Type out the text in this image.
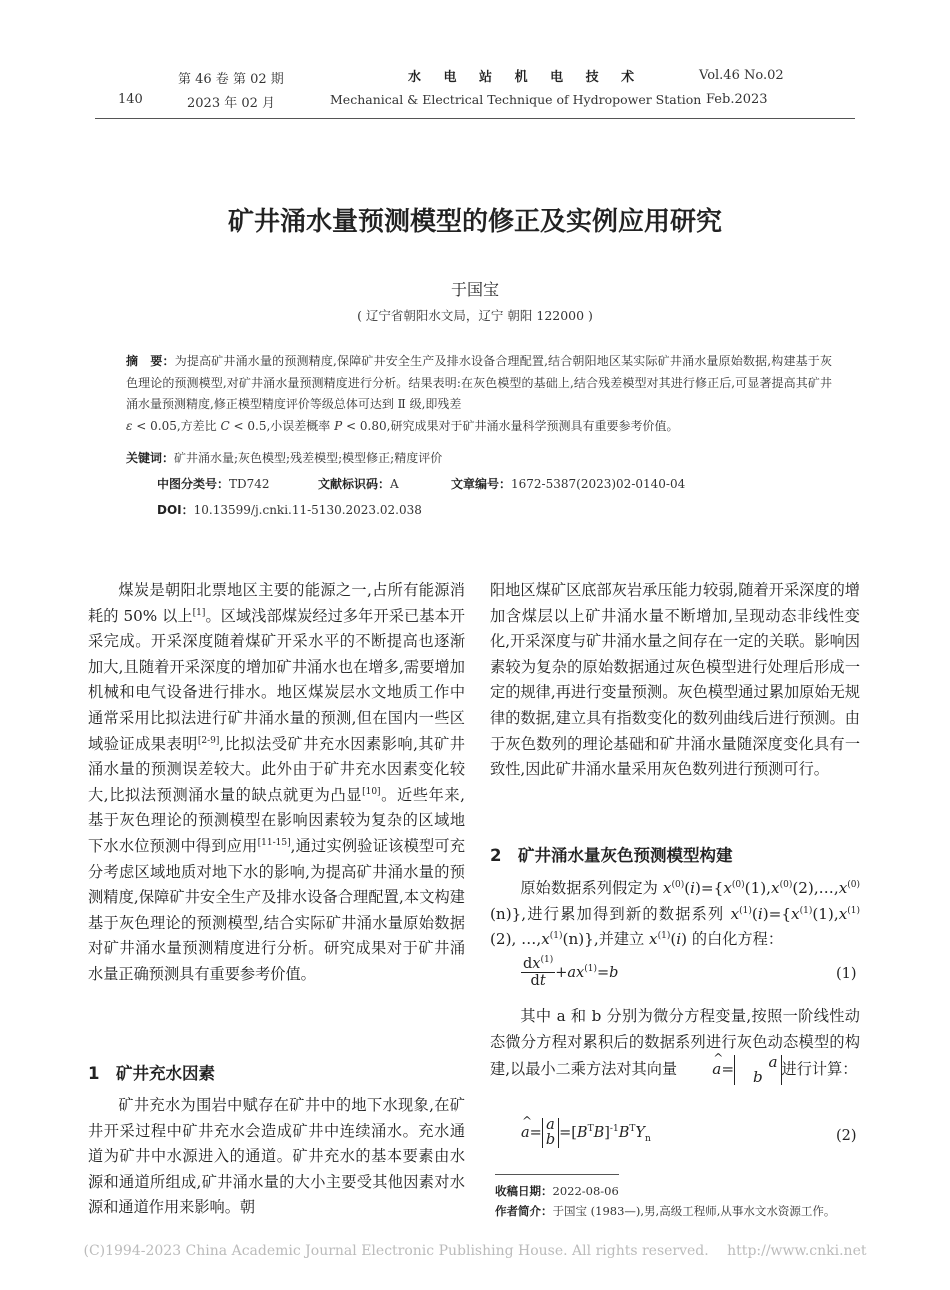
140
第 46 卷 第 02 期
2023 年 02 月
水 电 站 机 电 技 术
Mechanical & Electrical Technique of Hydropower Station
Vol.46 No.02
Feb.2023
矿井涌水量预测模型的修正及实例应用研究
于国宝
( 辽宁省朝阳水文局，辽宁 朝阳 122000 )
摘　要：为提高矿井涌水量的预测精度,保障矿井安全生产及排水设备合理配置,结合朝阳地区某实际矿井涌水量原始数据,构建基于灰色理论的预测模型,对矿井涌水量预测精度进行分析。结果表明:在灰色模型的基础上,结合残差模型对其进行修正后,可显著提高其矿井涌水量预测精度,修正模型精度评价等级总体可达到 Ⅱ 级,即残差
ε < 0.05,方差比 C < 0.5,小误差概率 P < 0.80,研究成果对于矿井涌水量科学预测具有重要参考价值。
关键词：矿井涌水量;灰色模型;残差模型;模型修正;精度评价
中图分类号：TD742	文献标识码：A	文章编号：1672-5387(2023)02-0140-04
DOI：10.13599/j.cnki.11-5130.2023.02.038

煤炭是朝阳北票地区主要的能源之一,占所有能源消耗的 50% 以上[1]。区域浅部煤炭经过多年开采已基本开采完成。开采深度随着煤矿开采水平的不断提高也逐渐加大,且随着开采深度的增加矿井涌水也在增多,需要增加机械和电气设备进行排水。地区煤炭层水文地质工作中通常采用比拟法进行矿井涌水量的预测,但在国内一些区域验证成果表明[2-9],比拟法受矿井充水因素影响,其矿井涌水量的预测误差较大。此外由于矿井充水因素变化较大,比拟法预测涌水量的缺点就更为凸显[10]。近些年来,基于灰色理论的预测模型在影响因素较为复杂的区域地下水水位预测中得到应用[11-15],通过实例验证该模型可充分考虑区域地质对地下水的影响,为提高矿井涌水量的预测精度,保障矿井安全生产及排水设备合理配置,本文构建基于灰色理论的预测模型,结合实际矿井涌水量原始数据对矿井涌水量预测精度进行分析。研究成果对于矿井涌水量正确预测具有重要参考价值。

1　矿井充水因素

矿井充水为围岩中赋存在矿井中的地下水现象,在矿井开采过程中矿井充水会造成矿井中连续涌水。充水通道为矿井中水源进入的通道。矿井充水的基本要素由水源和通道所组成,矿井涌水量的大小主要受其他因素对水源和通道作用来影响。朝

阳地区煤矿区底部灰岩承压能力较弱,随着开采深度的增加含煤层以上矿井涌水量不断增加,呈现动态非线性变化,开采深度与矿井涌水量之间存在一定的关联。影响因素较为复杂的原始数据通过灰色模型进行处理后形成一定的规律,再进行变量预测。灰色模型通过累加原始无规律的数据,建立具有指数变化的数列曲线后进行预测。由于灰色数列的理论基础和矿井涌水量随深度变化具有一致性,因此矿井涌水量采用灰色数列进行预测可行。

2　矿井涌水量灰色预测模型构建

原始数据系列假定为 $x^{(0)}(i)=\{x^{(0)}(1),x^{(0)}(2),\dots,x^{(0)}(n)\}$,进行累加得到新的数据系列 $x^{(1)}(i)=\{x^{(1)}(1),x^{(1)}(2)$, $\dots,x^{(1)}(n)$},并建立 $x^{(1)}(i)$ 的白化方程：

$\frac{dx^{(1)}}{dt} +ax^{(1)}=b$	(1)

其中 a 和 b 分别为微分方程变量,按照一阶线性动态微分方程对累积后的数据系列进行灰色动态模型的构建,以最小二乘方法对其向量 ^ a= a
b 进行计算：

^ a= a
$b =[B^TB]^{-1}B^TY_n$	(2)
收稿日期：2022-08-06
作者简介：于国宝 (1983—),男,高级工程师,从事水文水资源工作。
(C)1994-2023 China Academic Journal Electronic Publishing House. All rights reserved.　 http://www.cnki.net
